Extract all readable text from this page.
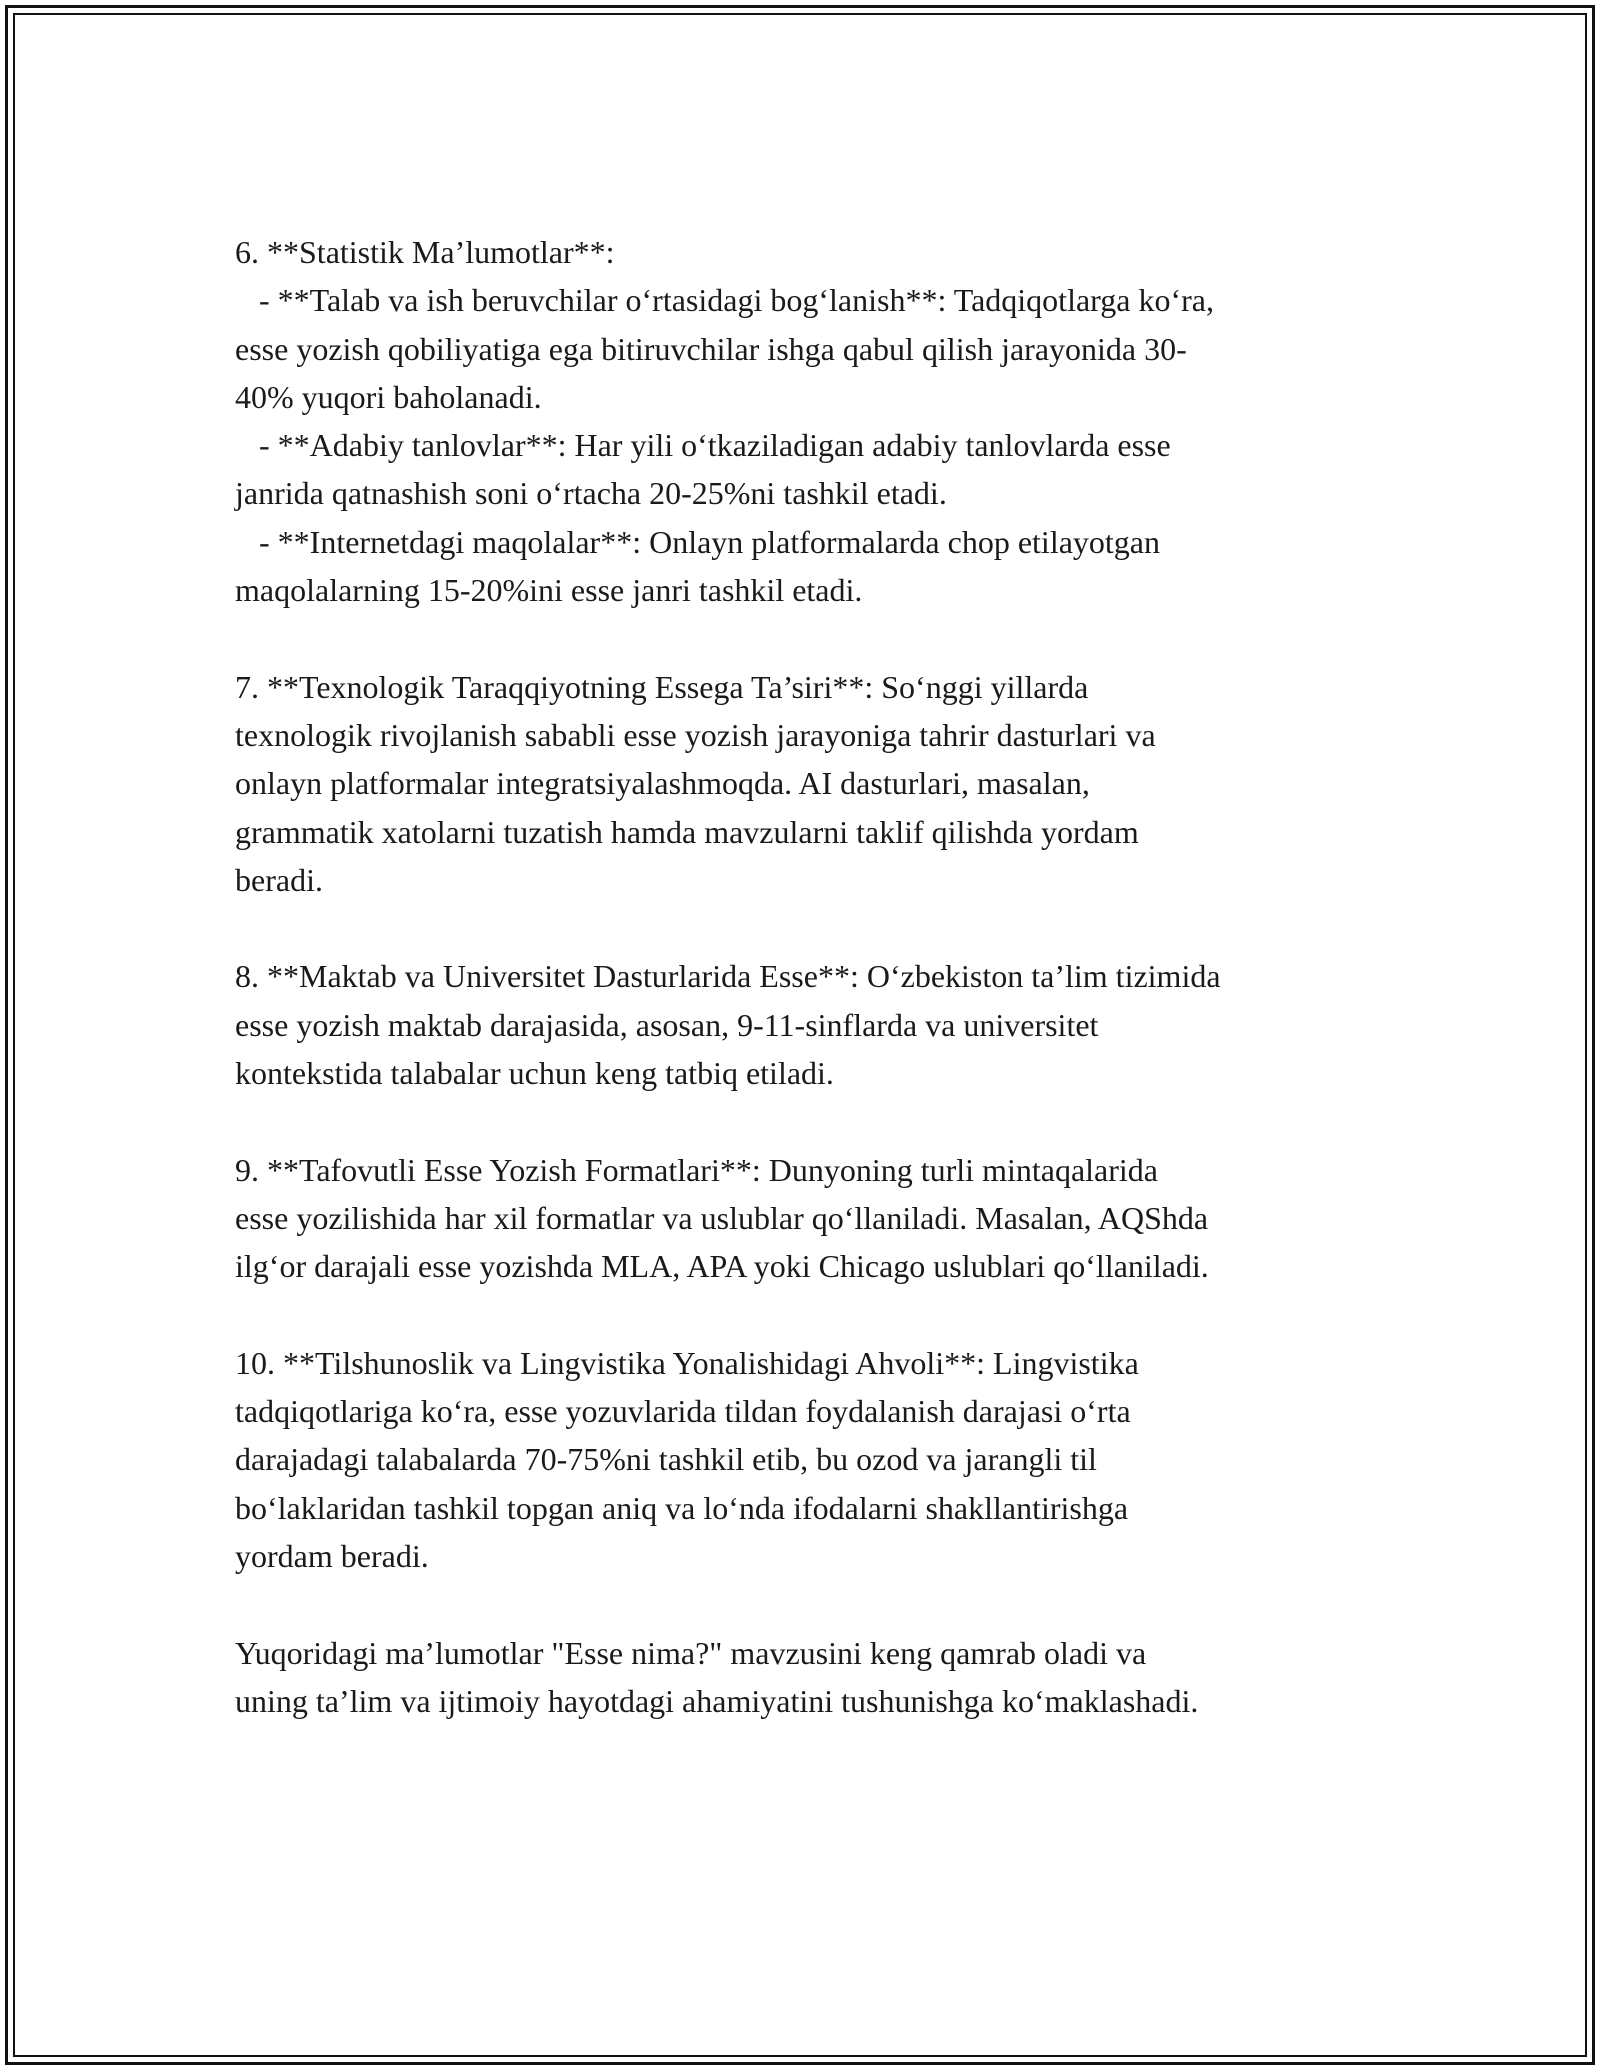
6. **Statistik Ma’lumotlar**:
- **Talab va ish beruvchilar o‘rtasidagi bog‘lanish**: Tadqiqotlarga ko‘ra,
esse yozish qobiliyatiga ega bitiruvchilar ishga qabul qilish jarayonida 30-
40% yuqori baholanadi.
- **Adabiy tanlovlar**: Har yili o‘tkaziladigan adabiy tanlovlarda esse
janrida qatnashish soni o‘rtacha 20-25%ni tashkil etadi.
- **Internetdagi maqolalar**: Onlayn platformalarda chop etilayotgan
maqolalarning 15-20%ini esse janri tashkil etadi.
7. **Texnologik Taraqqiyotning Essega Ta’siri**: So‘nggi yillarda
texnologik rivojlanish sababli esse yozish jarayoniga tahrir dasturlari va
onlayn platformalar integratsiyalashmoqda. AI dasturlari, masalan,
grammatik xatolarni tuzatish hamda mavzularni taklif qilishda yordam
beradi.
8. **Maktab va Universitet Dasturlarida Esse**: O‘zbekiston ta’lim tizimida
esse yozish maktab darajasida, asosan, 9-11-sinflarda va universitet
kontekstida talabalar uchun keng tatbiq etiladi.
9. **Tafovutli Esse Yozish Formatlari**: Dunyoning turli mintaqalarida
esse yozilishida har xil formatlar va uslublar qo‘llaniladi. Masalan, AQShda
ilg‘or darajali esse yozishda MLA, APA yoki Chicago uslublari qo‘llaniladi.
10. **Tilshunoslik va Lingvistika Yonalishidagi Ahvoli**: Lingvistika
tadqiqotlariga ko‘ra, esse yozuvlarida tildan foydalanish darajasi o‘rta
darajadagi talabalarda 70-75%ni tashkil etib, bu ozod va jarangli til
bo‘laklaridan tashkil topgan aniq va lo‘nda ifodalarni shakllantirishga
yordam beradi.
Yuqoridagi ma’lumotlar "Esse nima?" mavzusini keng qamrab oladi va
uning ta’lim va ijtimoiy hayotdagi ahamiyatini tushunishga ko‘maklashadi.
